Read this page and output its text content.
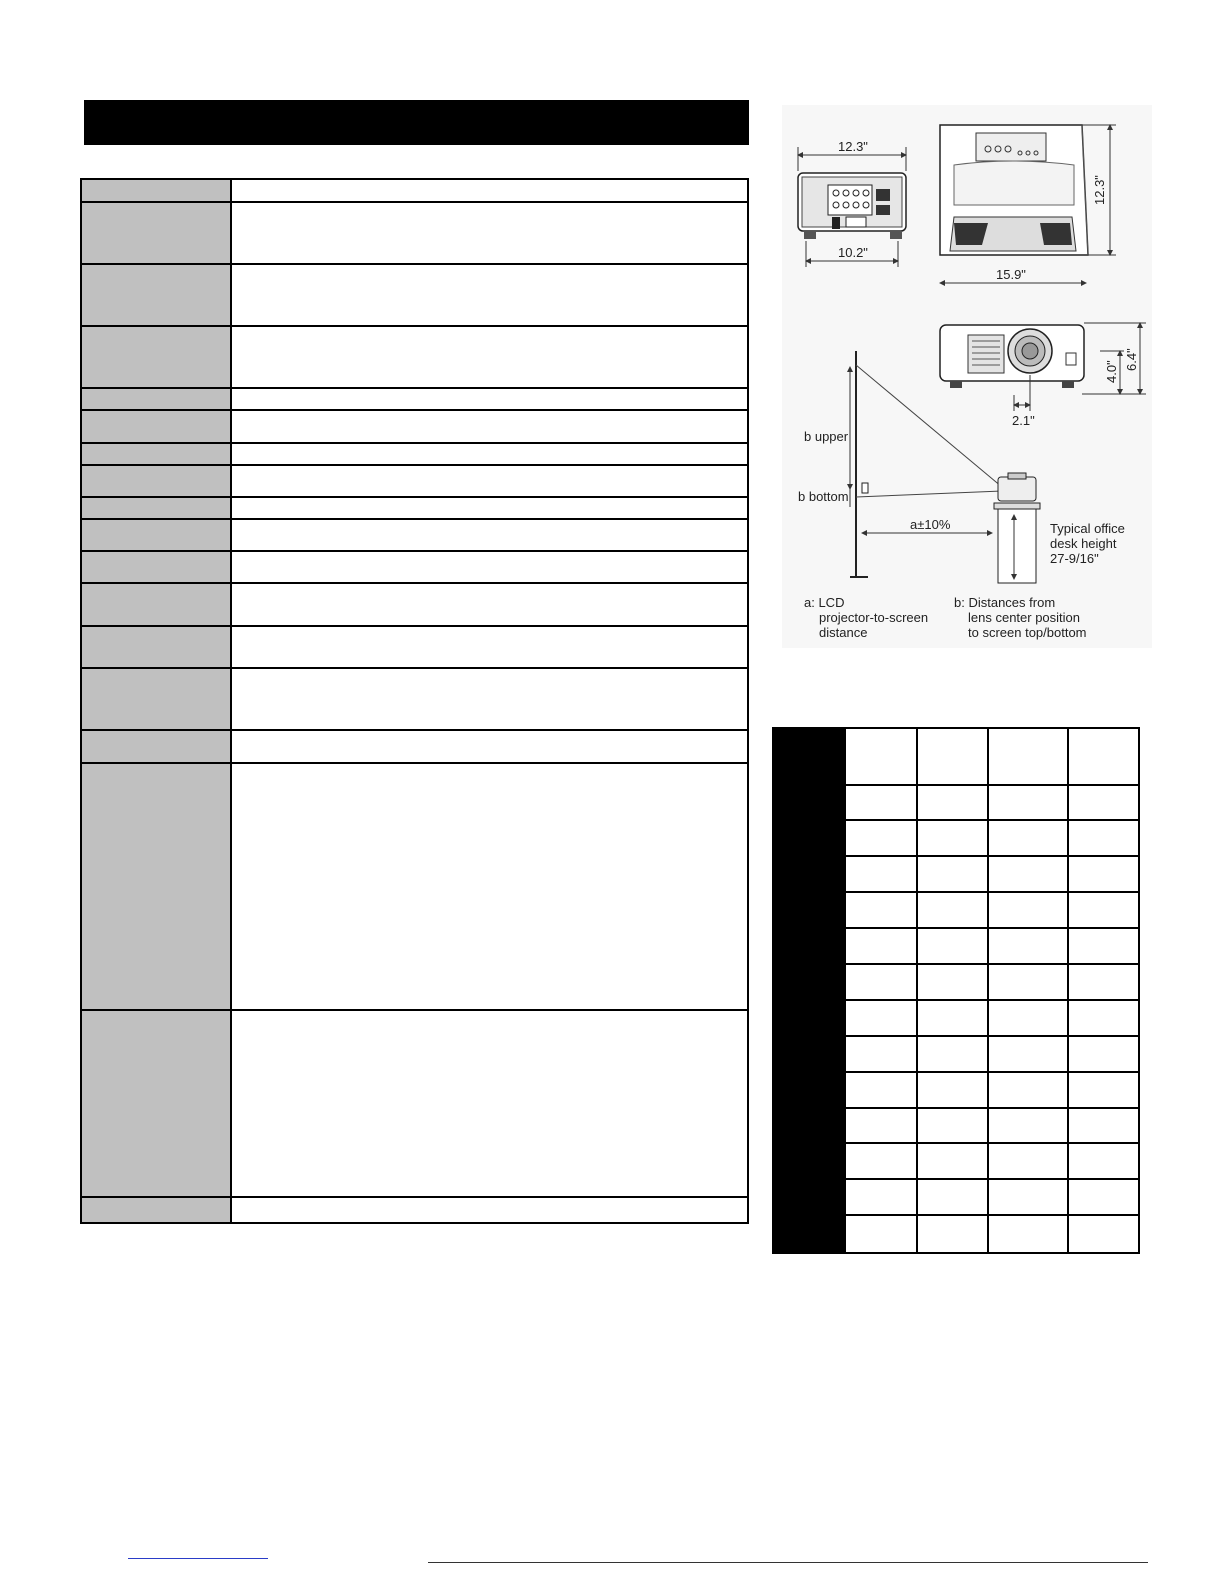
12.3"
10.2"
15.9"
12.3"
4.0"
6.4"
2.1"
b upper
b bottom
a±10%	Typical office
desk height
27-9/16"
a: LCD
projector-to-screen
distance
b: Distances from
lens center position
to screen top/bottom
